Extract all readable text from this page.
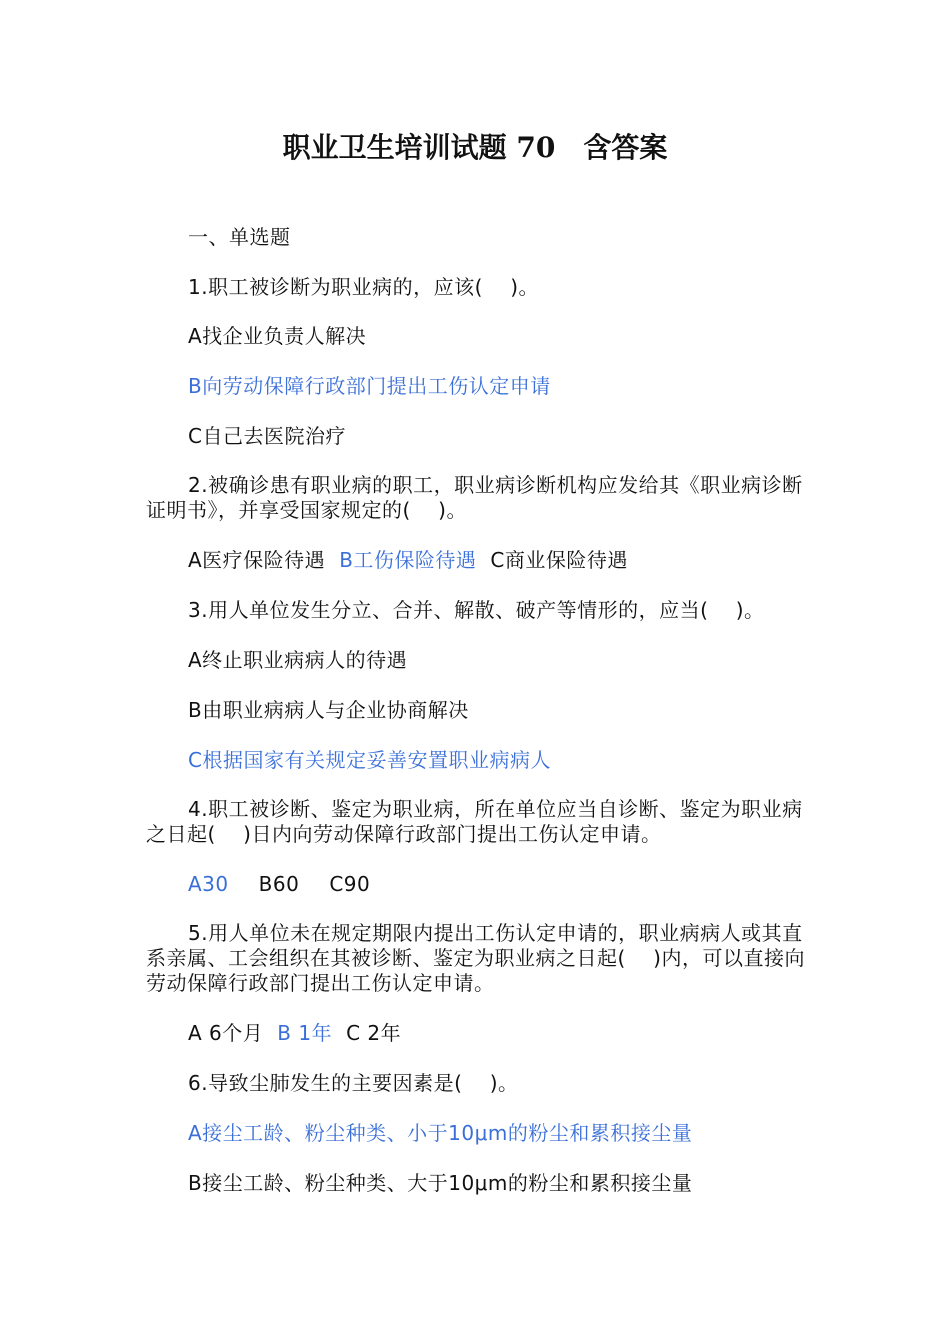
职业卫生培训试题 70　含答案
一、单选题
1.职工被诊断为职业病的，应该(　 )。
A找企业负责人解决
B向劳动保障行政部门提出工伤认定申请
C自己去医院治疗
2.被确诊患有职业病的职工，职业病诊断机构应发给其《职业病诊断证明书》，并享受国家规定的(　 )。
A医疗保险待遇 B工伤保险待遇 C商业保险待遇
3.用人单位发生分立、合并、解散、破产等情形的，应当(　 )。
A终止职业病病人的待遇
B由职业病病人与企业协商解决
C根据国家有关规定妥善安置职业病病人
4.职工被诊断、鉴定为职业病，所在单位应当自诊断、鉴定为职业病之日起(　 )日内向劳动保障行政部门提出工伤认定申请。
A30 B60 C90
5.用人单位未在规定期限内提出工伤认定申请的，职业病病人或其直系亲属、工会组织在其被诊断、鉴定为职业病之日起(　 )内，可以直接向劳动保障行政部门提出工伤认定申请。
A 6个月 B 1年 C 2年
6.导致尘肺发生的主要因素是(　 )。
A接尘工龄、粉尘种类、小于10μm的粉尘和累积接尘量
B接尘工龄、粉尘种类、大于10μm的粉尘和累积接尘量
